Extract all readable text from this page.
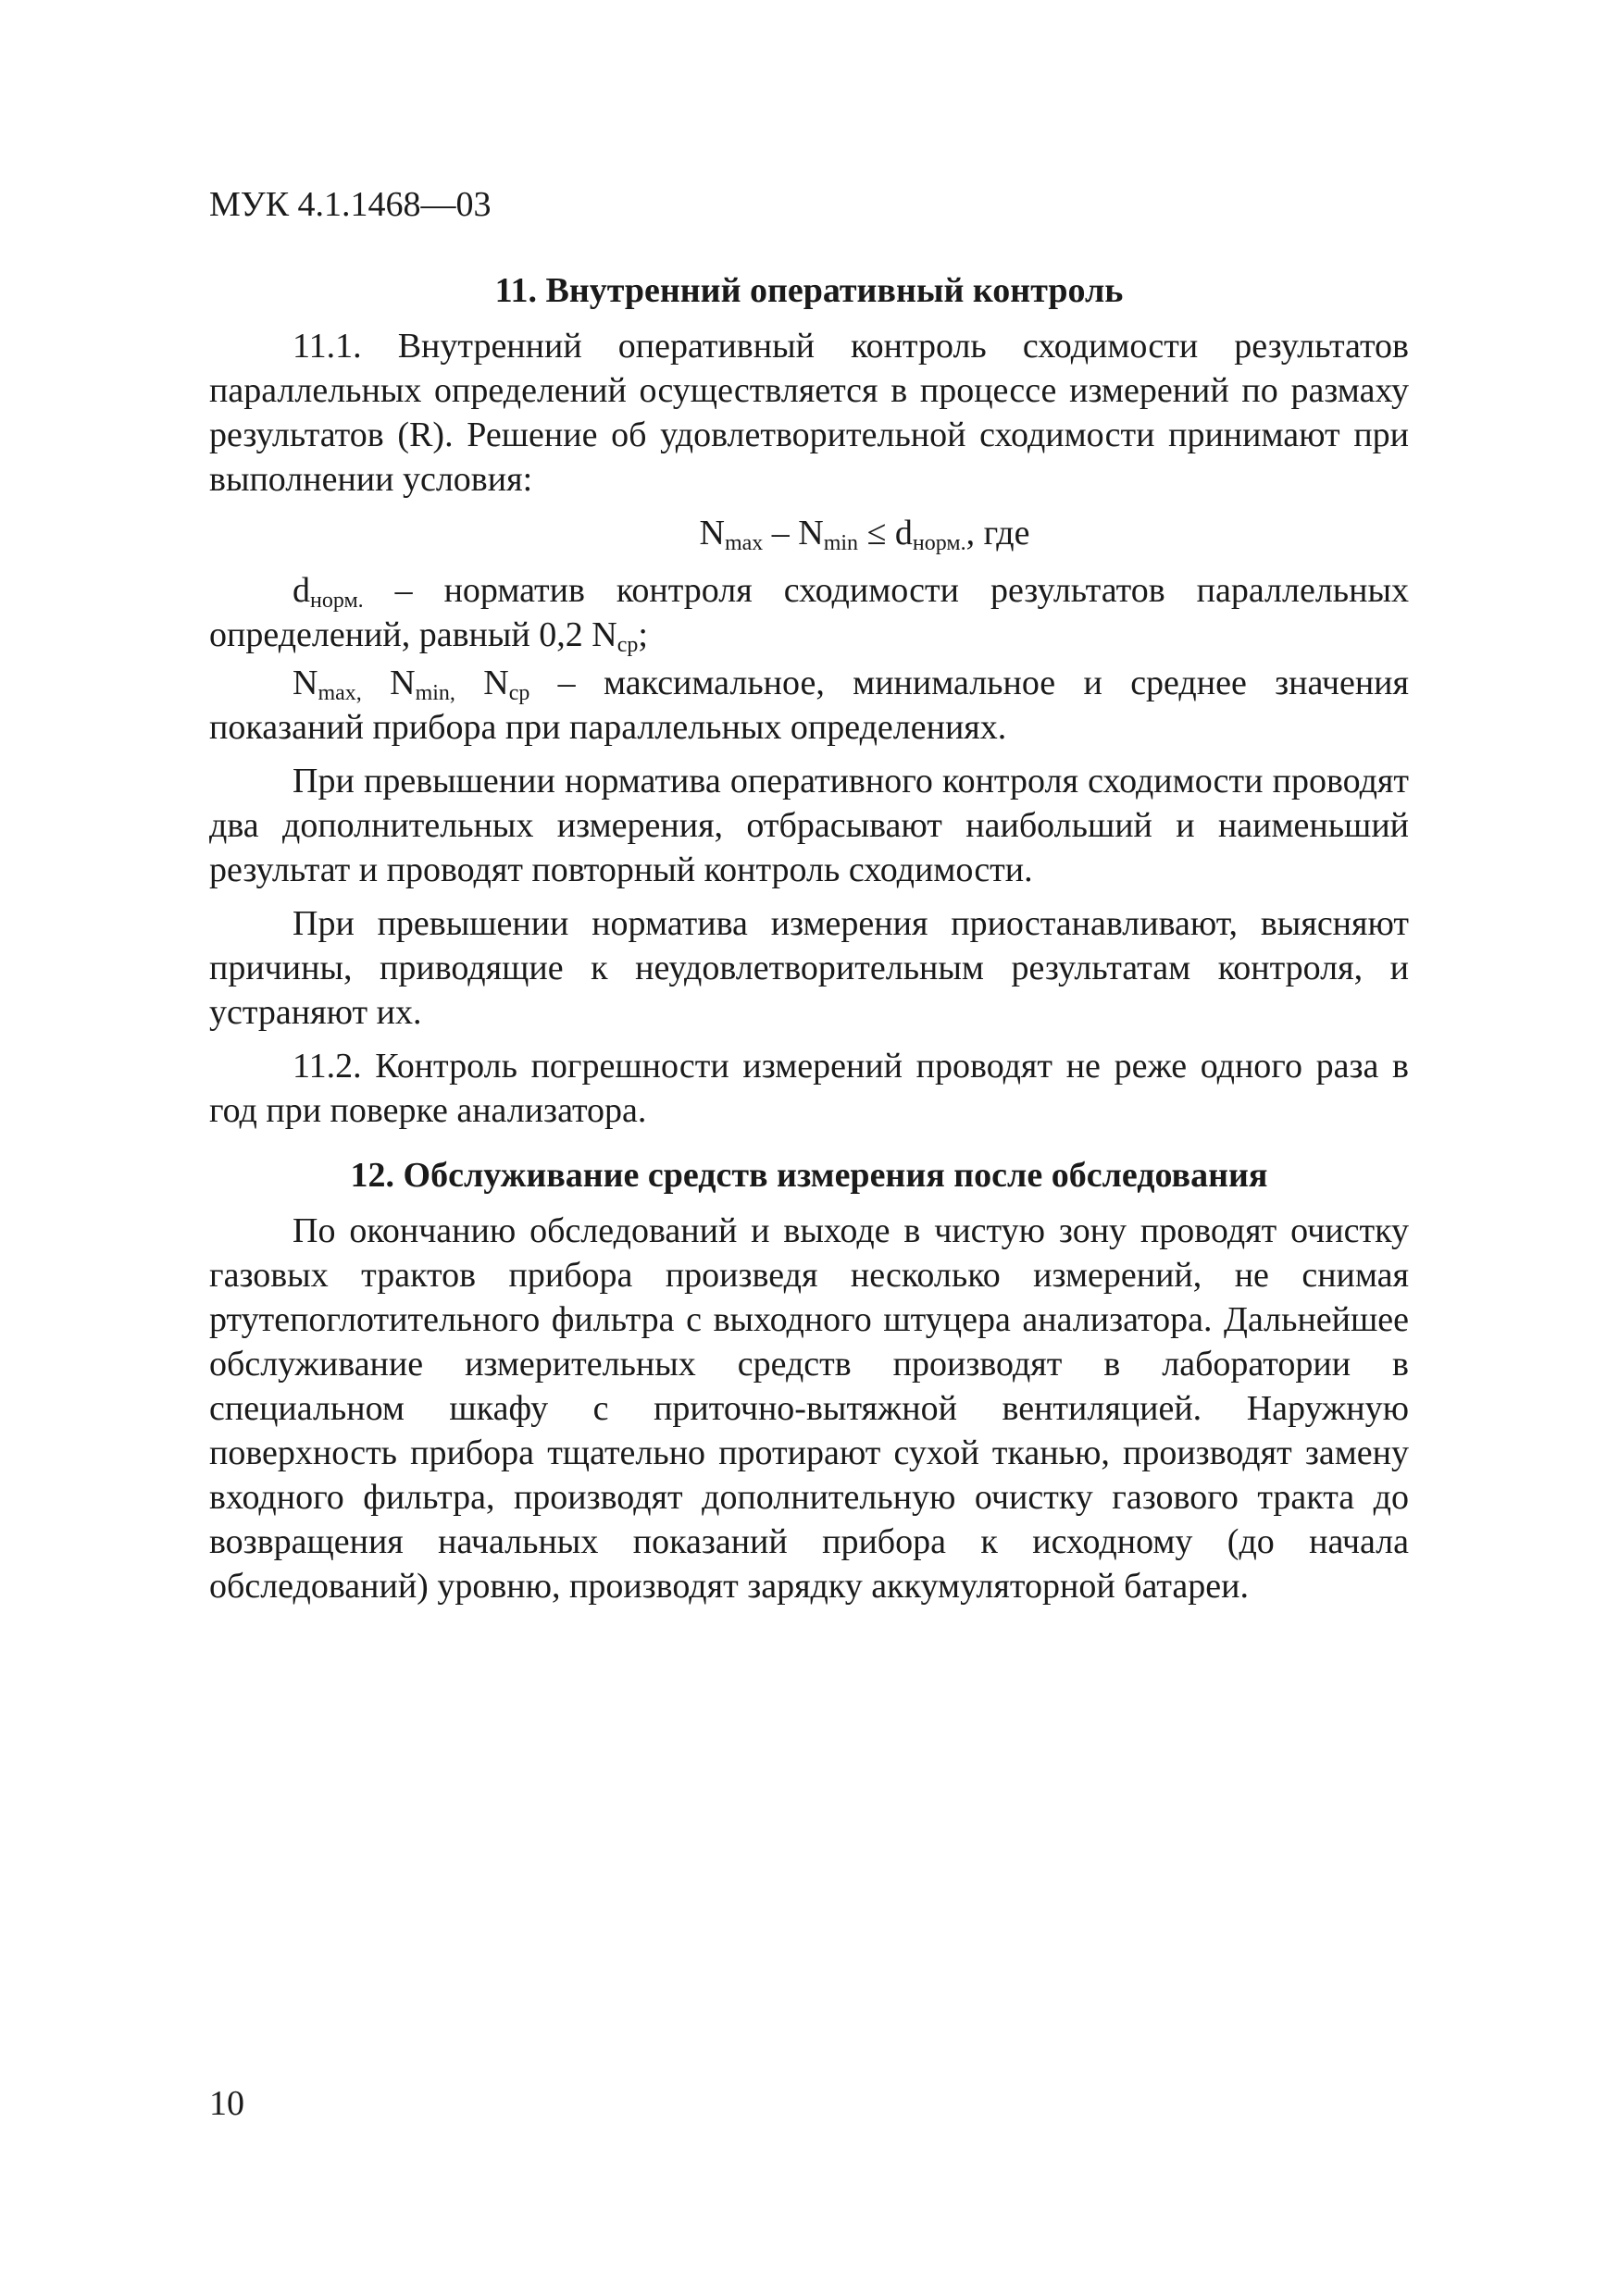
МУК 4.1.1468—03
11. Внутренний оперативный контроль

11.1. Внутренний оперативный контроль сходимости результатов параллельных определений осуществляется в процессе измерений по размаху результатов (R). Решение об удовлетворительной сходимости принимают при выполнении условия:

$N_{max} - N_{min} \le d_{норм.}$, где

$d_{норм.}$ – норматив контроля сходимости результатов параллельных определений, равный 0,2 $N_{ср}$;

$N_{max,}$ $N_{min,}$ $N_{ср}$ – максимальное, минимальное и среднее значения показаний прибора при параллельных определениях.

При превышении норматива оперативного контроля сходимости проводят два дополнительных измерения, отбрасывают наибольший и наименьший результат и проводят повторный контроль сходимости.

При превышении норматива измерения приостанавливают, выясняют причины, приводящие к неудовлетворительным результатам контроля, и устраняют их.

11.2. Контроль погрешности измерений проводят не реже одного раза в год при поверке анализатора.

12. Обслуживание средств измерения после обследования

По окончанию обследований и выходе в чистую зону проводят очистку газовых трактов прибора произведя несколько измерений, не снимая ртутепоглотительного фильтра с выходного штуцера анализатора. Дальнейшее обслуживание измерительных средств производят в лаборатории в специальном шкафу с приточно-вытяжной вентиляцией. Наружную поверхность прибора тщательно протирают сухой тканью, производят замену входного фильтра, производят дополнительную очистку газового тракта до возвращения начальных показаний прибора к исходному (до начала обследований) уровню, производят зарядку аккумуляторной батареи.

10
